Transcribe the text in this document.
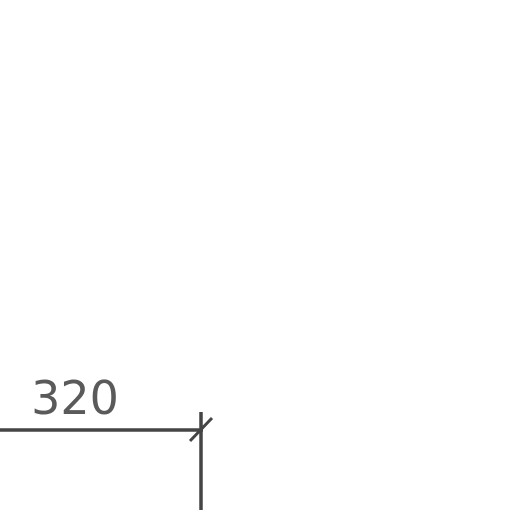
320
